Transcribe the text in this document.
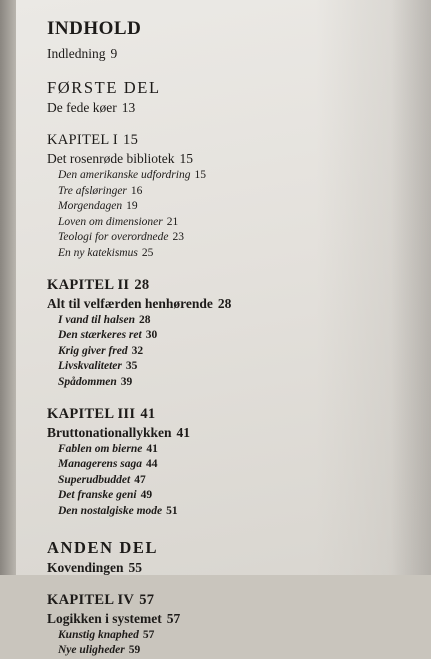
INDHOLD
Indledning 9
FØRSTE DEL
De fede køer 13
KAPITEL I 15
Det rosenrøde bibliotek 15
Den amerikanske udfordring 15
Tre afsløringer 16
Morgendagen 19
Loven om dimensioner 21
Teologi for overordnede 23
En ny katekismus 25
KAPITEL II 28
Alt til velfærden henhørende 28
I vand til halsen 28
Den stærkeres ret 30
Krig giver fred 32
Livskvaliteter 35
Spådommen 39
KAPITEL III 41
Bruttonationallykken 41
Fablen om bierne 41
Managerens saga 44
Superudbuddet 47
Det franske geni 49
Den nostalgiske mode 51
ANDEN DEL
Kovendingen 55
KAPITEL IV 57
Logikken i systemet 57
Kunstig knaphed 57
Nye uligheder 59
